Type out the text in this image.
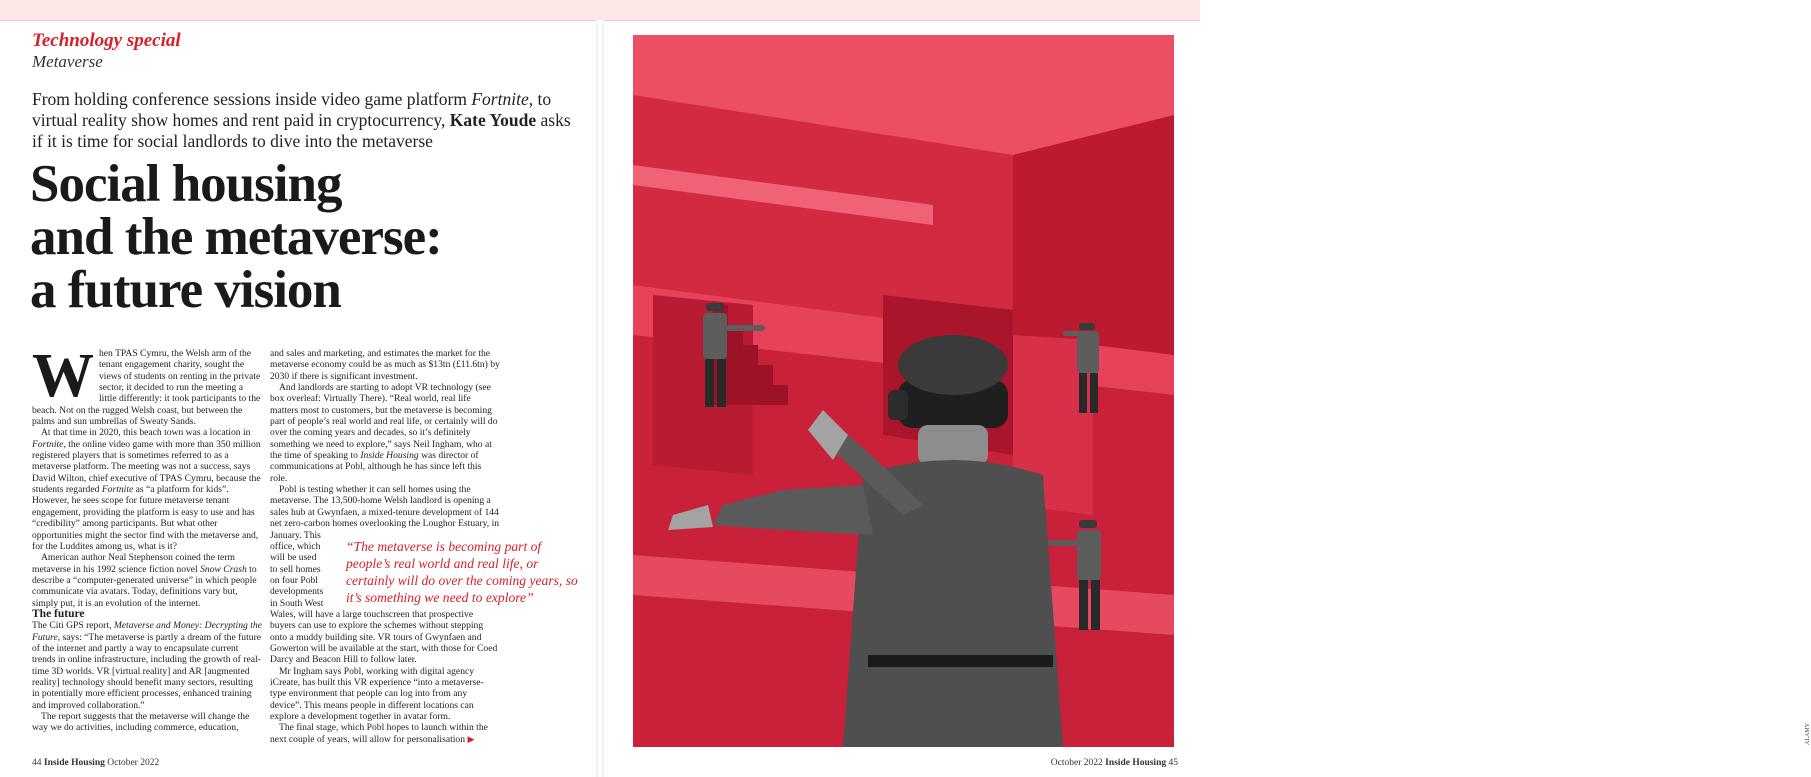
Technology special
Metaverse
From holding conference sessions inside video game platform Fortnite, to virtual reality show homes and rent paid in cryptocurrency, Kate Youde asks if it is time for social landlords to dive into the metaverse
Social housing
and the metaverse:
a future vision

When TPAS Cymru, the Welsh arm of the tenant engagement charity, sought the views of students on renting in the private sector, it decided to run the meeting a little differently: it took participants to the beach. Not on the rugged Welsh coast, but between the palms and sun umbrellas of Sweaty Sands.

At that time in 2020, this beach town was a location in Fortnite, the online video game with more than 350 million registered players that is sometimes referred to as a metaverse platform. The meeting was not a success, says David Wilton, chief executive of TPAS Cymru, because the students regarded Fortnite as “a platform for kids”. However, he sees scope for future metaverse tenant engagement, providing the platform is easy to use and has “credibility” among participants. But what other opportunities might the sector find with the metaverse and, for the Luddites among us, what is it?

American author Neal Stephenson coined the term metaverse in his 1992 science fiction novel Snow Crash to describe a “computer-generated universe” in which people communicate via avatars. Today, definitions vary but, simply put, it is an evolution of the internet.

The future

The Citi GPS report, Metaverse and Money: Decrypting the Future, says: “The metaverse is partly a dream of the future of the internet and partly a way to encapsulate current trends in online infrastructure, including the growth of real-time 3D worlds. VR [virtual reality] and AR [augmented reality] technology should benefit many sectors, resulting in potentially more efficient processes, enhanced training and improved collaboration.”

The report suggests that the metaverse will change the way we do activities, including commerce, education,

and sales and marketing, and estimates the market for the metaverse economy could be as much as $13tn (£11.6tn) by 2030 if there is significant investment.

And landlords are starting to adopt VR technology (see box overleaf: Virtually There). “Real world, real life matters most to customers, but the metaverse is becoming part of people’s real world and real life, or certainly will do over the coming years and decades, so it’s definitely something we need to explore,” says Neil Ingham, who at the time of speaking to Inside Housing was director of communications at Pobl, although he has since left this role.

Pobl is testing whether it can sell homes using the metaverse. The 13,500-home Welsh landlord is opening a sales hub at Gwynfaen, a mixed-tenure development of 144 net zero-carbon homes overlooking the Loughor Estuary, in
January. This
office, which
will be used
to sell homes
on four Pobl
developments
in South West
Wales, will have a large touchscreen that prospective buyers can use to explore the schemes without stepping onto a muddy building site. VR tours of Gwynfaen and Gowerton will be available at the start, with those for Coed Darcy and Beacon Hill to follow later.

Mr Ingham says Pobl, working with digital agency iCreate, has built this VR experience “into a metaverse-type environment that people can log into from any device”. This means people in different locations can explore a development together in avatar form.

The final stage, which Pobl hopes to launch within the next couple of years, will allow for personalisation ▶

“The metaverse is becoming part of people’s real world and real life, or certainly will do over the coming years, so it’s something we need to explore”
44 Inside Housing October 2022	October 2022 Inside Housing 45
ALAMY
